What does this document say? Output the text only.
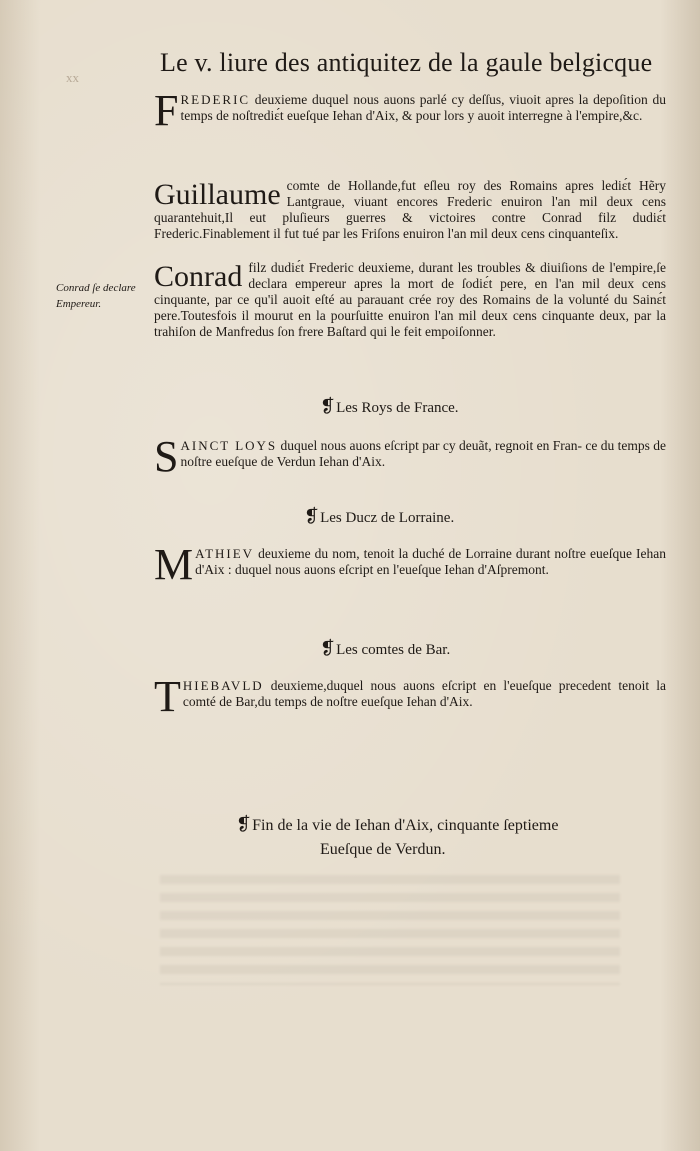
xx
Le v. liure des antiquitez de la gaule belgicque
F REDERIC deuxieme duquel nous auons parlé cy deſſus, viuoit apres la depoſition du temps de noſtrediɛ́t eueſque Iehan d'Aix, & pour lors y auoit interregne à l'empire,&c.
Guillaume comte de Hollande,fut eſleu roy des Romains apres lediɛ́t Hẽry Lantgraue, viuant encores Frederic enuiron l'an mil deux cens quarantehuit,Il eut pluſieurs guerres & victoires contre Conrad filz dudiɛ́t Frederic.Finablement il fut tué par les Friſons enuiron l'an mil deux cens cinquanteſix.
Conrad ſe declare Empereur.
Conrad filz dudiɛ́t Frederic deuxieme, durant les troubles & diuiſions de l'empire,ſe declara empereur apres la mort de ſodiɛ́t pere, en l'an mil deux cens cinquante, par ce qu'il auoit eſté au parauant crée roy des Romains de la volunté du Sainɛ́t pere.Toutesfois il mourut en la pourſuitte enuiron l'an mil deux cens cinquante deux, par la trahiſon de Manfredus ſon frere Baſtard qui le feit empoiſonner.
❡Les Roys de France.
S AINCT LOYS duquel nous auons eſcript par cy deuãt, regnoit en Fran- ce du temps de noſtre eueſque de Verdun Iehan d'Aix.
❡Les Ducz de Lorraine.
M ATHIEV deuxieme du nom, tenoit la duché de Lorraine durant noſtre eueſque Iehan d'Aix : duquel nous auons eſcript en l'eueſque Iehan d'Aſpremont.
❡Les comtes de Bar.
T HIEBAVLD deuxieme,duquel nous auons eſcript en l'eueſque precedent tenoit la comté de Bar,du temps de noſtre eueſque Iehan d'Aix.
❡Fin de la vie de Iehan d'Aix, cinquante ſeptieme
Eueſque de Verdun.
